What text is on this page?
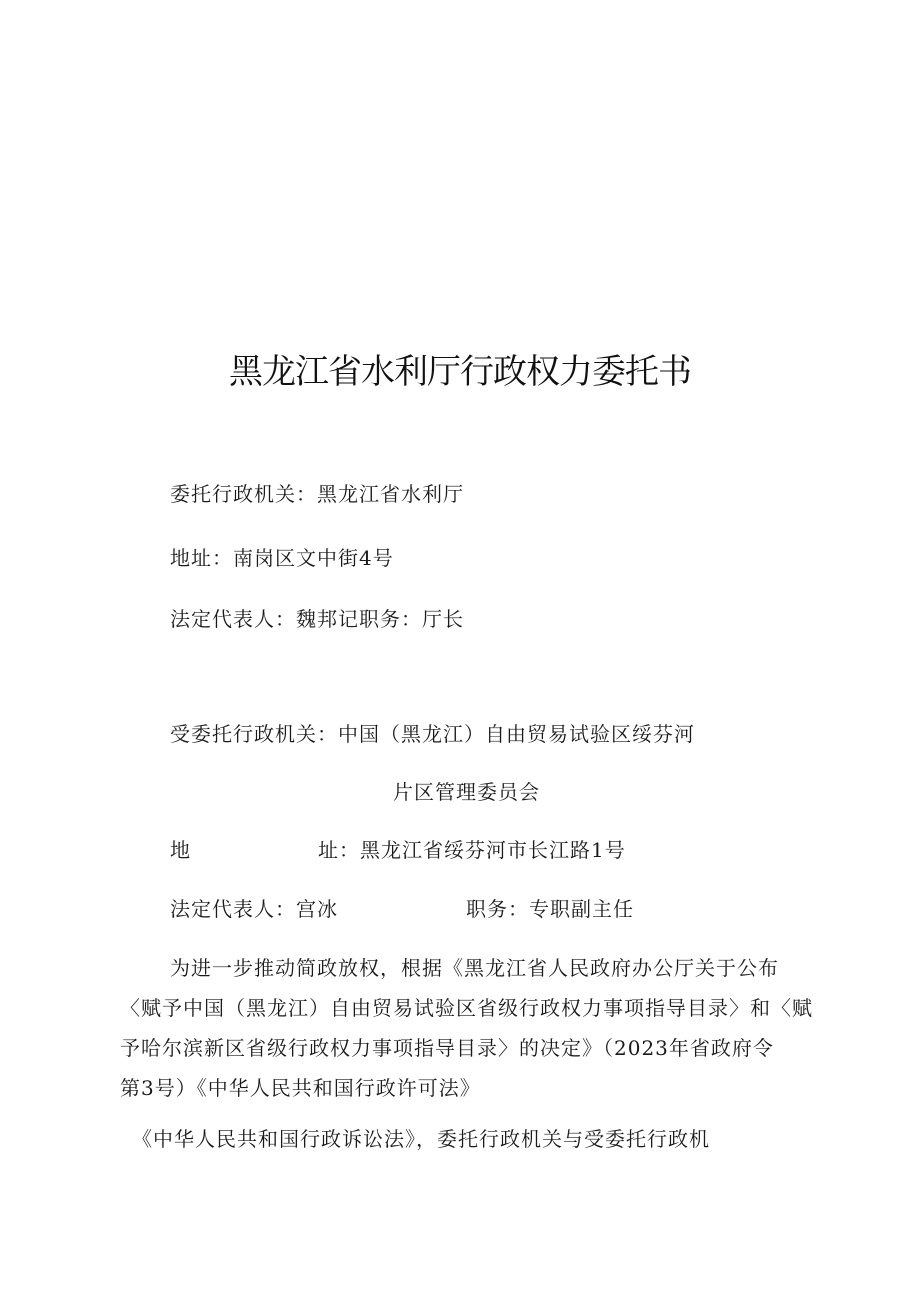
黑龙江省水利厅行政权力委托书
委托行政机关：黑龙江省水利厅
地址：南岗区文中街4号
法定代表人：魏邦记职务：厅长
受委托行政机关：中国（黑龙江）自由贸易试验区绥芬河
片区管理委员会
地	址：黑龙江省绥芬河市长江路1号
法定代表人：宫冰	职务：专职副主任
为进一步推动简政放权，根据《黑龙江省人民政府办公厅关于公布
〈赋予中国（黑龙江）自由贸易试验区省级行政权力事项指导目录〉和〈赋
予哈尔滨新区省级行政权力事项指导目录〉的决定》（2023年省政府令
第3号）《中华人民共和国行政许可法》
《中华人民共和国行政诉讼法》，委托行政机关与受委托行政机
